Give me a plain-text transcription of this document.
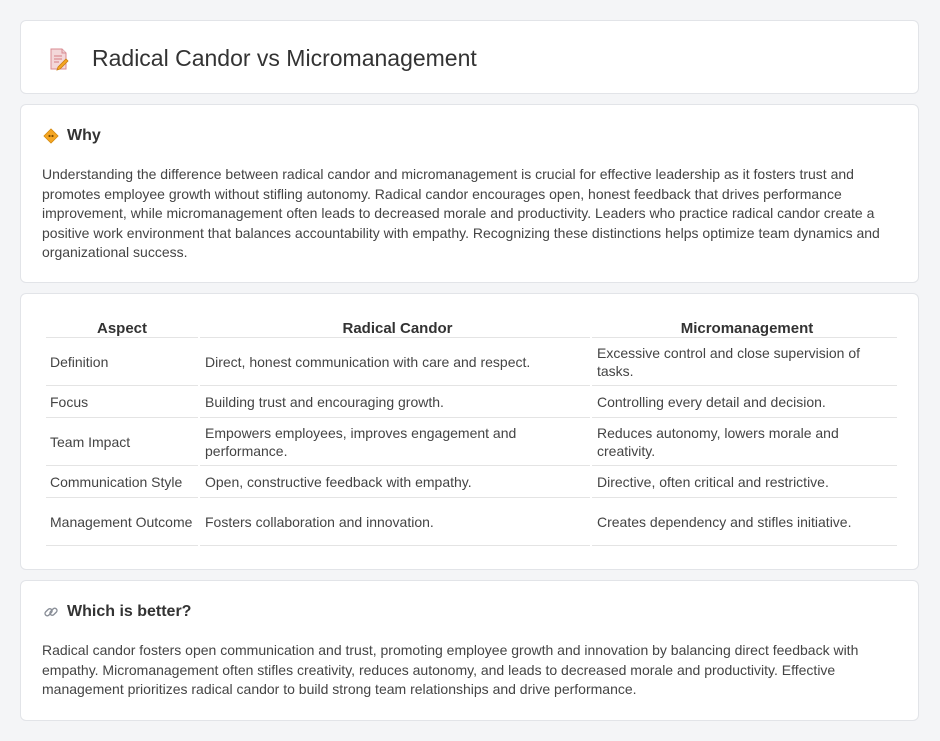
Radical Candor vs Micromanagement
Why

Understanding the difference between radical candor and micromanagement is crucial for effective leadership as it fosters trust and promotes employee growth without stifling autonomy. Radical candor encourages open, honest feedback that drives performance improvement, while micromanagement often leads to decreased morale and productivity. Leaders who practice radical candor create a positive work environment that balances accountability with empathy. Recognizing these distinctions helps optimize team dynamics and organizational success.

Aspect	Radical Candor	Micromanagement
Definition	Direct, honest communication with care and respect.	Excessive control and close supervision of tasks.
Focus	Building trust and encouraging growth.	Controlling every detail and decision.
Team Impact	Empowers employees, improves engagement and performance.	Reduces autonomy, lowers morale and creativity.
Communication Style	Open, constructive feedback with empathy.	Directive, often critical and restrictive.
Management Outcome	Fosters collaboration and innovation.	Creates dependency and stifles initiative.
Which is better?

Radical candor fosters open communication and trust, promoting employee growth and innovation by balancing direct feedback with empathy. Micromanagement often stifles creativity, reduces autonomy, and leads to decreased morale and productivity. Effective management prioritizes radical candor to build strong team relationships and drive performance.
